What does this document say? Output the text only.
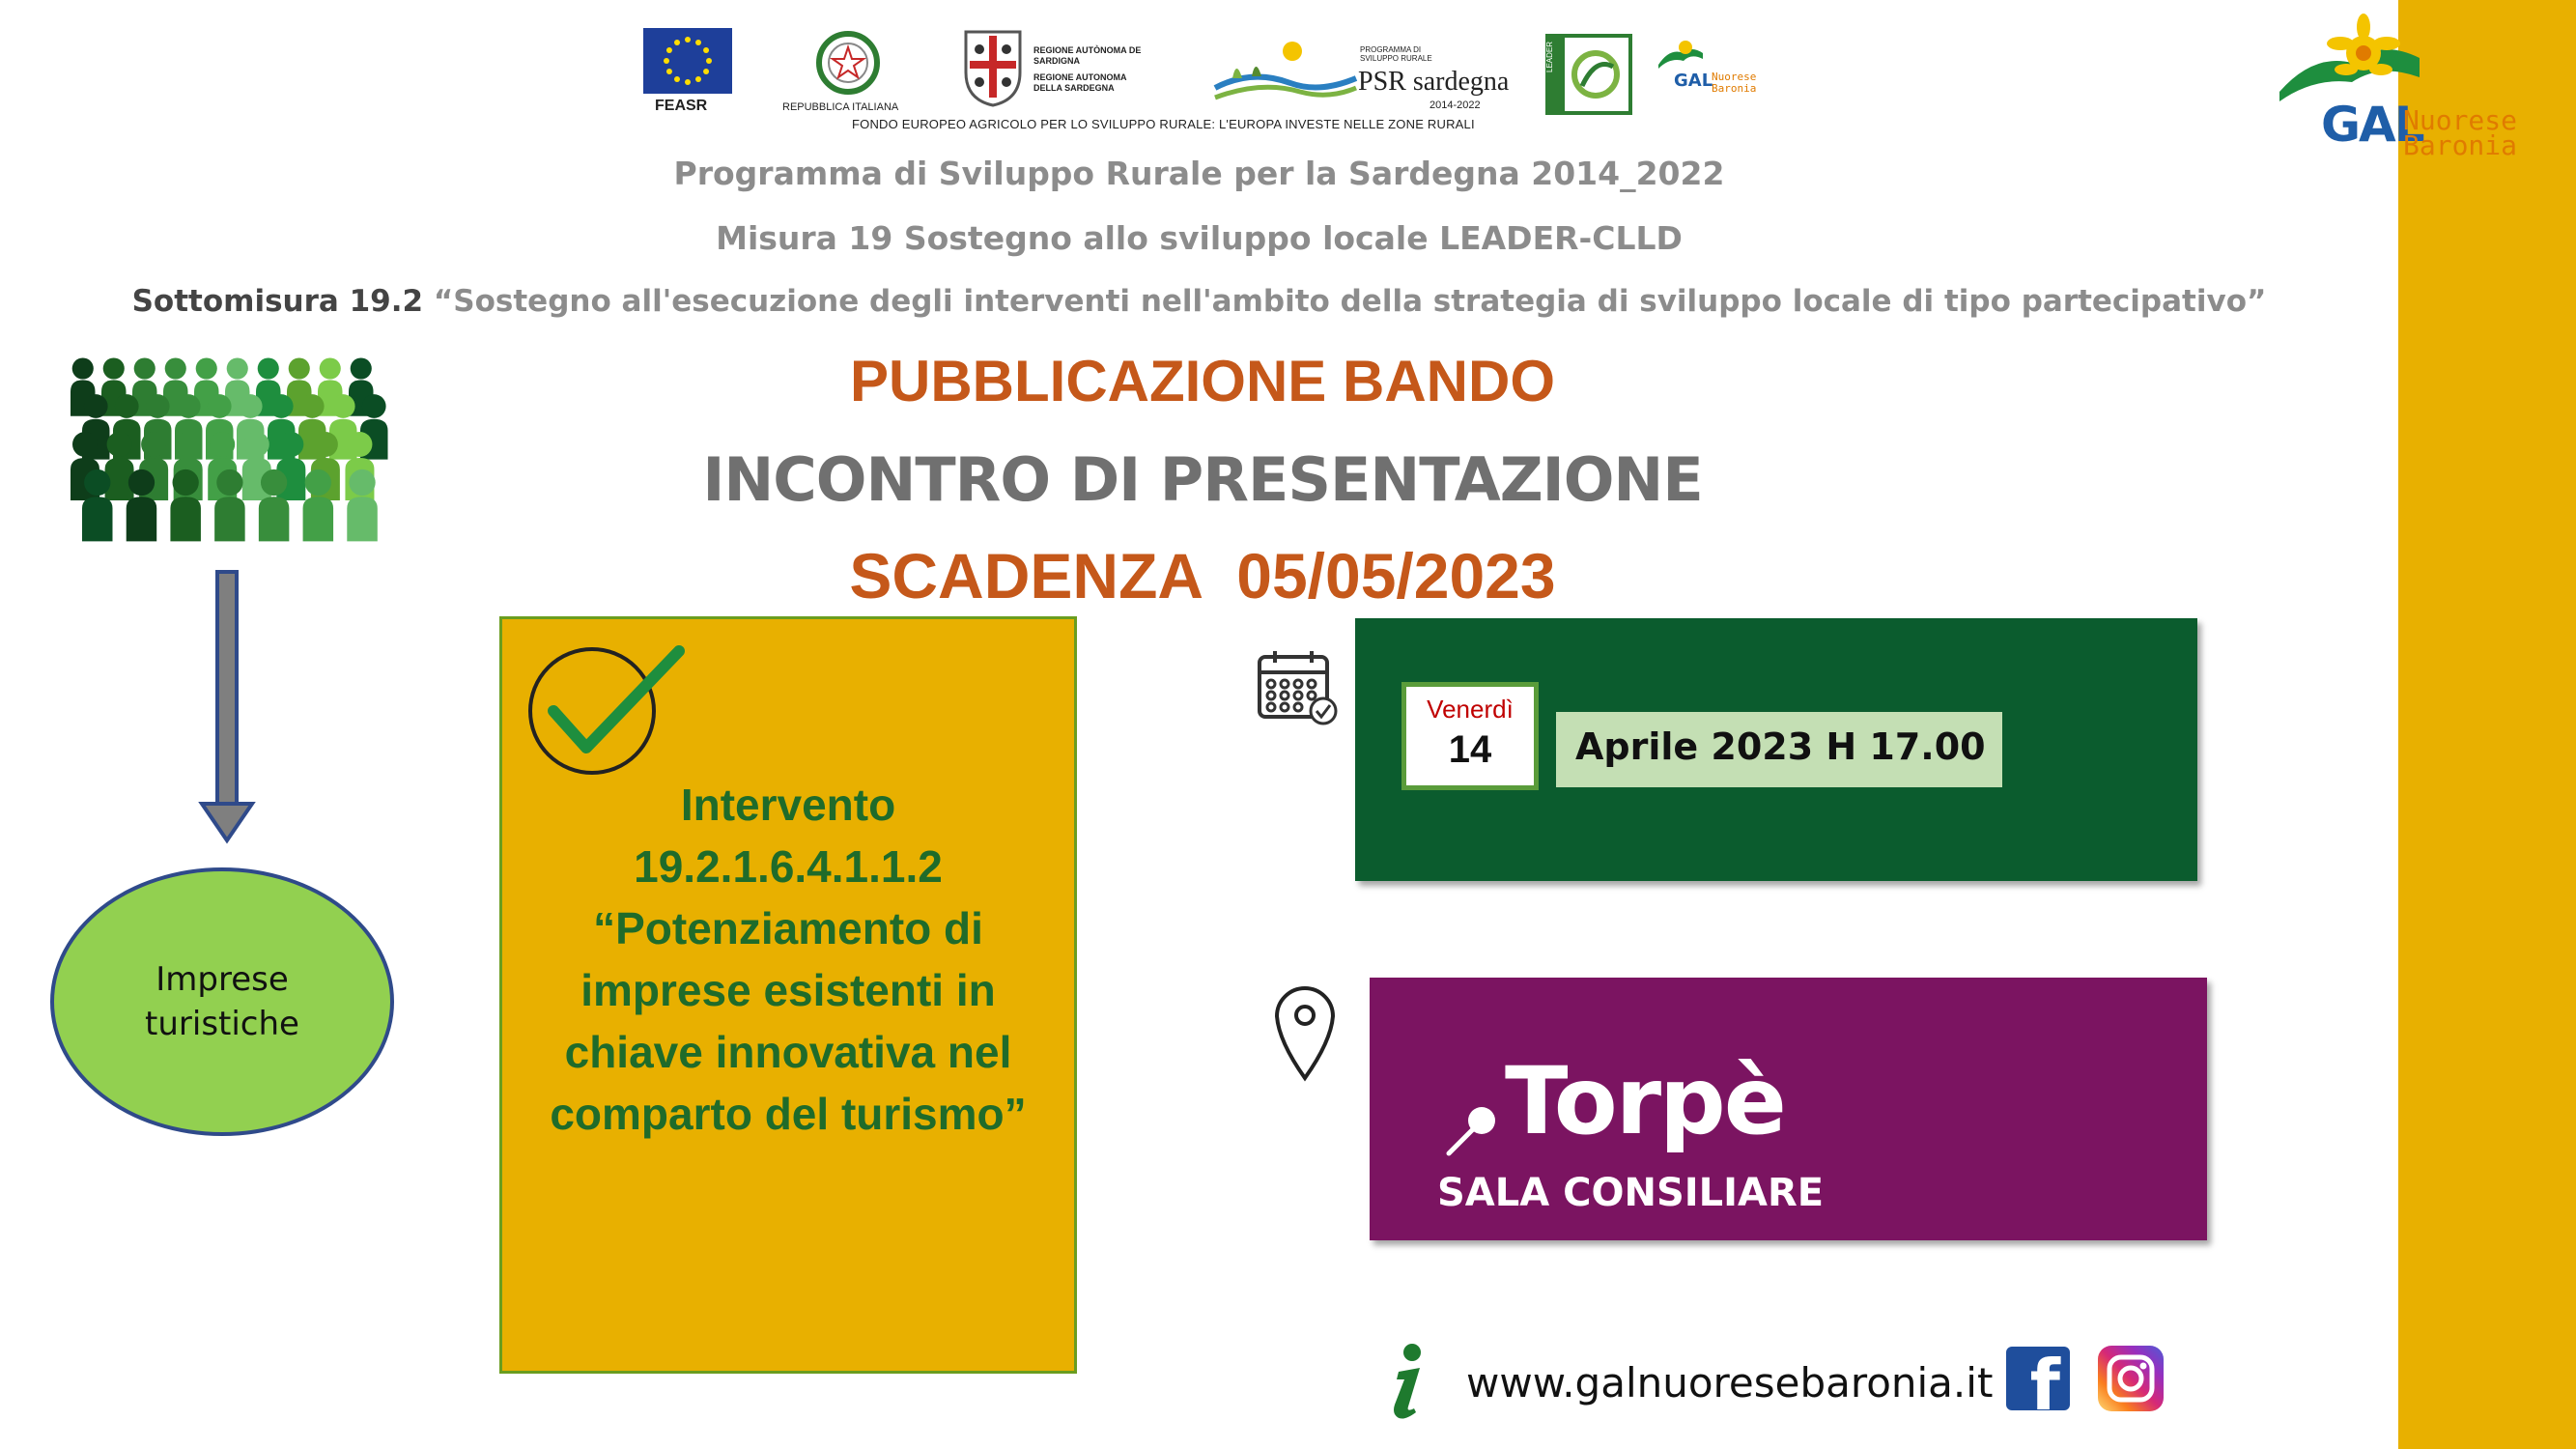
GAL
Nuorese
Baronia
FEASR	REPUBBLICA ITALIANA
REGIONE AUTÒNOMA DE SARDIGNA
REGIONE AUTONOMA DELLA SARDEGNA
PROGRAMMA DI SVILUPPO RURALE
PSR sardegna
2014-2022
LEADER
GAL
Nuorese
Baronia
FONDO EUROPEO AGRICOLO PER LO SVILUPPO RURALE: L'EUROPA INVESTE NELLE ZONE RURALI
Programma di Sviluppo Rurale per la Sardegna 2014_2022
Misura 19 Sostegno allo sviluppo locale LEADER-CLLD
Sottomisura 19.2 “Sostegno all'esecuzione degli interventi nell'ambito della strategia di sviluppo locale di tipo partecipativo”
PUBBLICAZIONE BANDO
INCONTRO DI PRESENTAZIONE
SCADENZA  05/05/2023
Imprese
turistiche
Intervento
19.2.1.6.4.1.1.2
“Potenziamento di
imprese esistenti in
chiave innovativa nel
comparto del turismo”
Venerdì
14	Aprile 2023 H 17.00
Torpè
SALA CONSILIARE
www.galnuoresebaronia.it f
